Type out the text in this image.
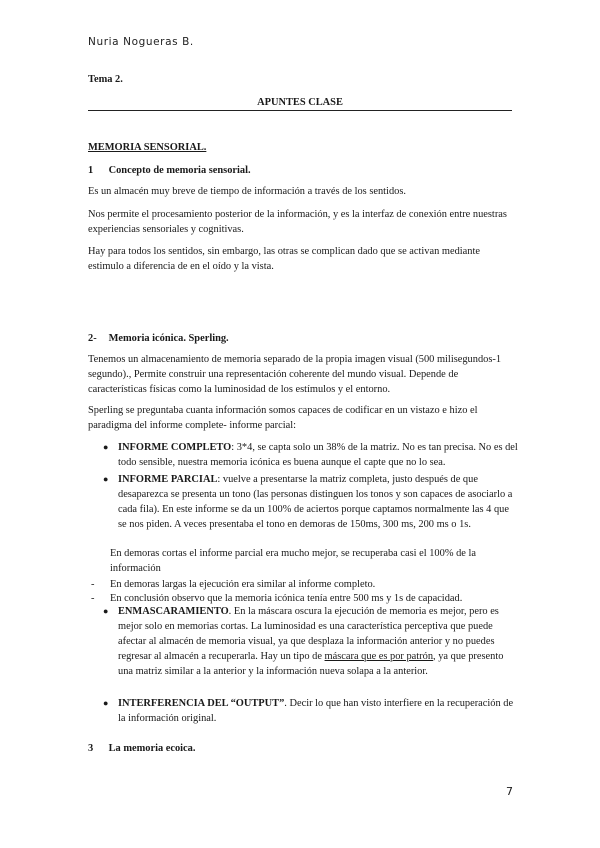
Nuria Nogueras B.

Tema 2.

APUNTES CLASE

MEMORIA SENSORIAL.

1 Concepto de memoria sensorial.

Es un almacén muy breve de tiempo de información a través de los sentidos.

Nos permite el procesamiento posterior de la información, y es la interfaz de conexión entre nuestras experiencias sensoriales y cognitivas.

Hay para todos los sentidos, sin embargo, las otras se complican dado que se activan mediante estimulo a diferencia de en el oído y la vista.

2- Memoria icónica. Sperling.

Tenemos un almacenamiento de memoria separado de la propia imagen visual (500 milisegundos-1 segundo)., Permite construir una representación coherente del mundo visual. Depende de características físicas como la luminosidad de los estímulos y el entorno.

Sperling se preguntaba cuanta información somos capaces de codificar en un vistazo e hizo el paradigma del informe complete- informe parcial:

● INFORME COMPLETO: 3*4, se capta solo un 38% de la matriz. No es tan precisa. No es del todo sensible, nuestra memoria icónica es buena aunque el capte que no lo sea.

● INFORME PARCIAL: vuelve a presentarse la matriz completa, justo después de que desaparezca se presenta un tono (las personas distinguen los tonos y son capaces de asociarlo a cada fila). En este informe se da un 100% de aciertos porque captamos normalmente las 4 que se nos piden. A veces presentaba el tono en demoras de 150ms, 300 ms, 200 ms o 1s.

En demoras cortas el informe parcial era mucho mejor, se recuperaba casi el 100% de la información

- En demoras largas la ejecución era similar al informe completo.

- En conclusión observo que la memoria icónica tenía entre 500 ms y 1s de capacidad.

● ENMASCARAMIENTO. En la máscara oscura la ejecución de memoria es mejor, pero es mejor solo en memorias cortas. La luminosidad es una característica perceptiva que puede afectar al almacén de memoria visual, ya que desplaza la información anterior y no puedes regresar al almacén a recuperarla. Hay un tipo de máscara que es por patrón, ya que presento una matriz similar a la anterior y la información nueva solapa a la anterior.

● INTERFERENCIA DEL “OUTPUT”. Decir lo que han visto interfiere en la recuperación de la información original.

3 La memoria ecoica.

7
